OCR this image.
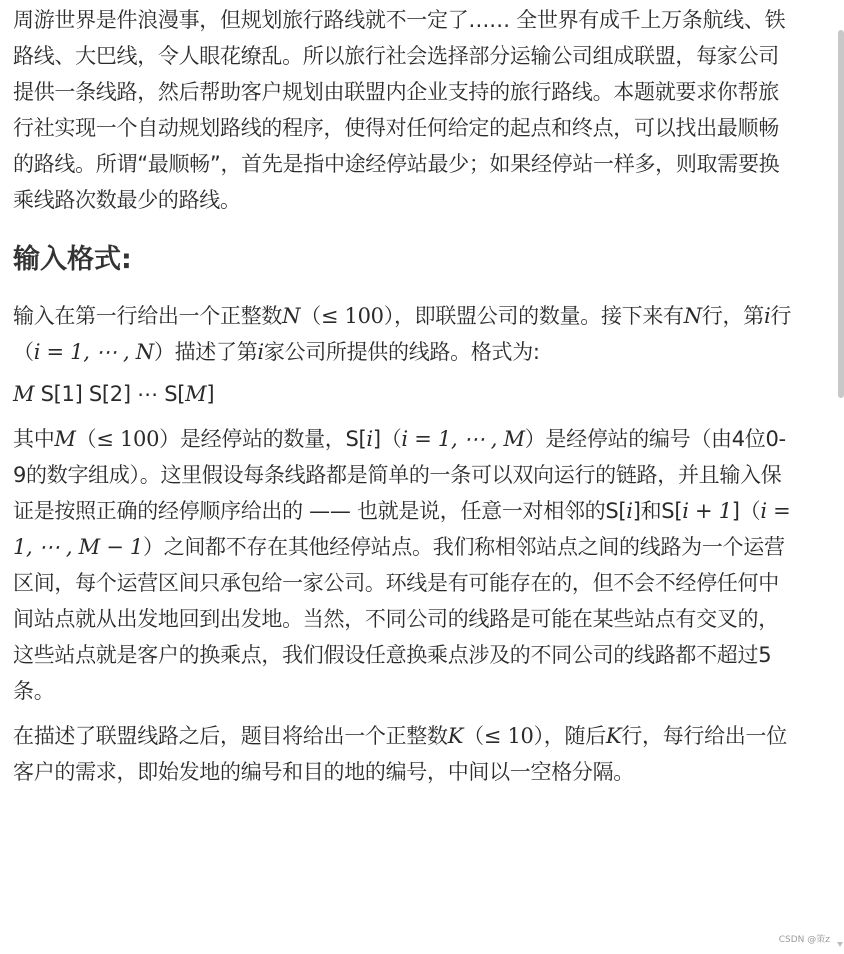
周游世界是件浪漫事，但规划旅行路线就不一定了…… 全世界有成千上万条航线、铁路线、大巴线，令人眼花缭乱。所以旅行社会选择部分运输公司组成联盟，每家公司提供一条线路，然后帮助客户规划由联盟内企业支持的旅行路线。本题就要求你帮旅行社实现一个自动规划路线的程序，使得对任何给定的起点和终点，可以找出最顺畅的路线。所谓“最顺畅”，首先是指中途经停站最少；如果经停站一样多，则取需要换乘线路次数最少的路线。

输入格式:

输入在第一行给出一个正整数N（≤ 100），即联盟公司的数量。接下来有N行，第i行（i = 1, ⋯ , N）描述了第i家公司所提供的线路。格式为:

M S[1] S[2] ⋯ S[M]

其中M（≤ 100）是经停站的数量，S[i]（i = 1, ⋯ , M）是经停站的编号（由4位0-9的数字组成）。这里假设每条线路都是简单的一条可以双向运行的链路，并且输入保证是按照正确的经停顺序给出的 —— 也就是说，任意一对相邻的S[i]和S[i + 1]（i = 1, ⋯ , M − 1）之间都不存在其他经停站点。我们称相邻站点之间的线路为一个运营区间，每个运营区间只承包给一家公司。环线是有可能存在的，但不会不经停任何中间站点就从出发地回到出发地。当然，不同公司的线路是可能在某些站点有交叉的，这些站点就是客户的换乘点，我们假设任意换乘点涉及的不同公司的线路都不超过5条。

在描述了联盟线路之后，题目将给出一个正整数K（≤ 10），随后K行，每行给出一位客户的需求，即始发地的编号和目的地的编号，中间以一空格分隔。

CSDN @策z
